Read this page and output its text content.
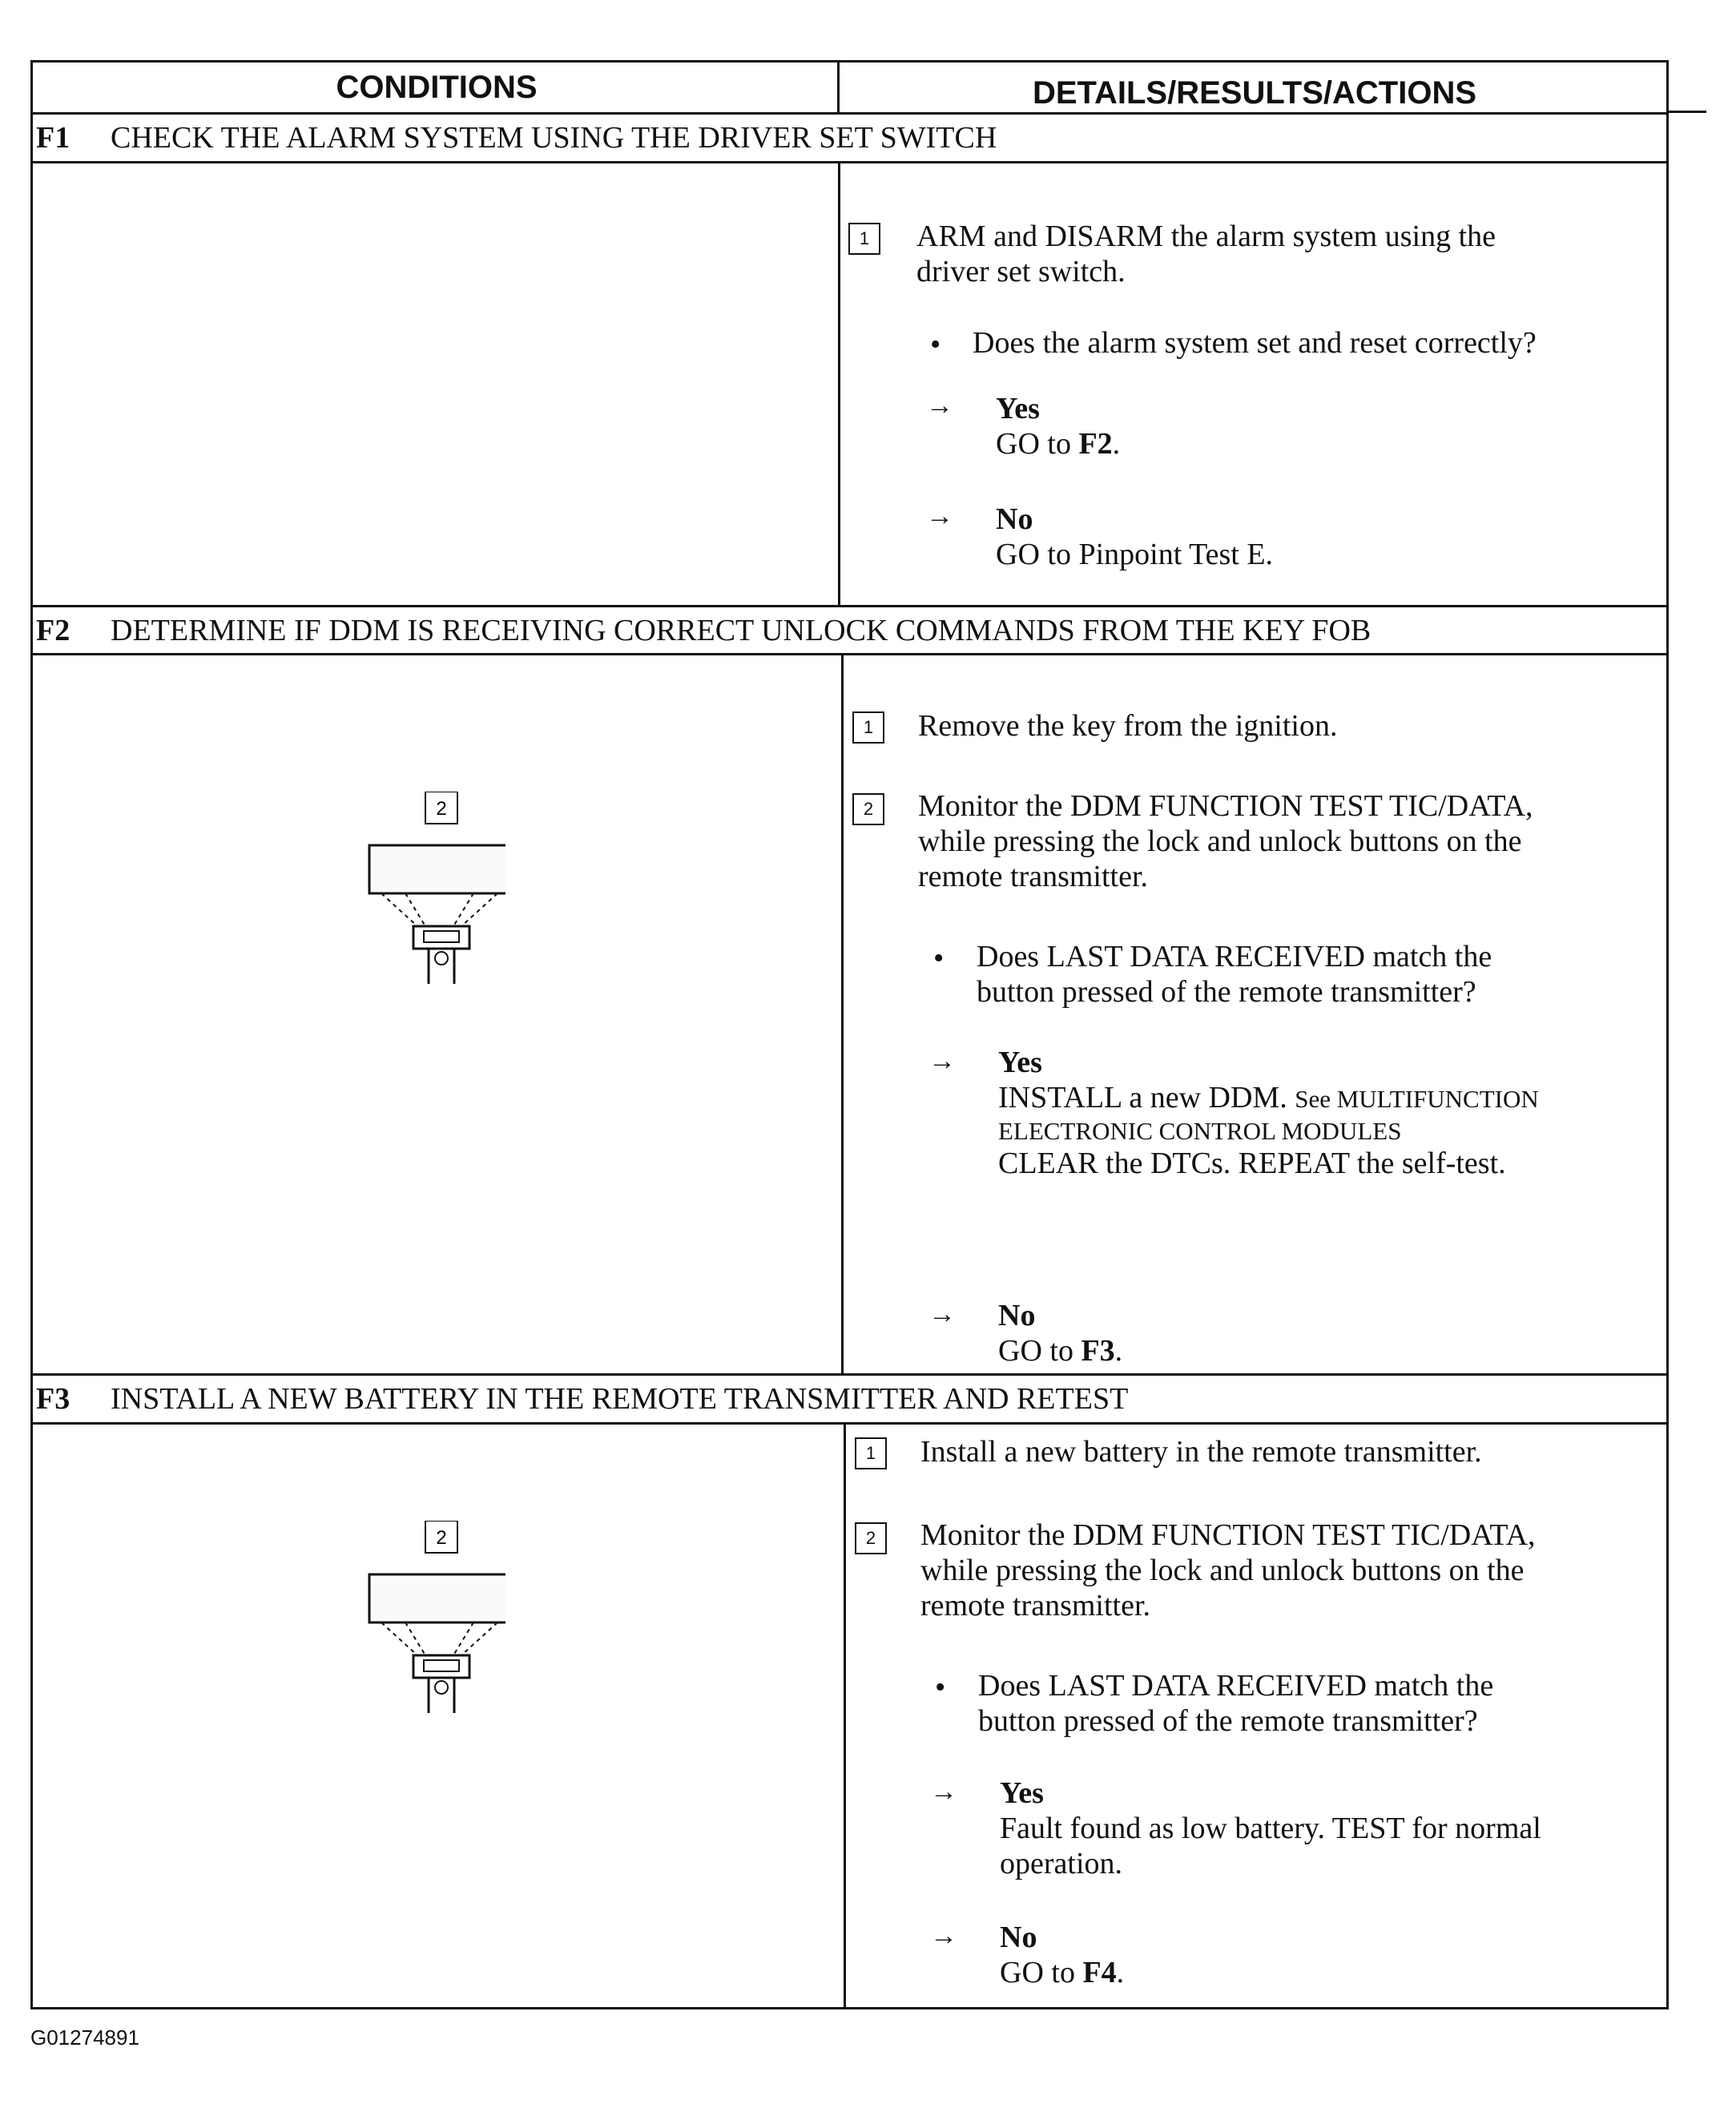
CONDITIONS	DETAILS/RESULTS/ACTIONS
F1	CHECK THE ALARM SYSTEM USING THE DRIVER SET SWITCH
1	ARM and DISARM the alarm system using the
driver set switch.
• Does the alarm system set and reset correctly?
→ Yes
GO to F2.
→ No
GO to Pinpoint Test E.
F2	DETERMINE IF DDM IS RECEIVING CORRECT UNLOCK COMMANDS FROM THE KEY FOB
2
1	Remove the key from the ignition.
2	Monitor the DDM FUNCTION TEST TIC/DATA,
while pressing the lock and unlock buttons on the
remote transmitter.
• Does LAST DATA RECEIVED match the
button pressed of the remote transmitter?
→ Yes
INSTALL a new DDM. See MULTIFUNCTION
ELECTRONIC CONTROL MODULES
CLEAR the DTCs. REPEAT the self-test.
→ No
GO to F3.
F3	INSTALL A NEW BATTERY IN THE REMOTE TRANSMITTER AND RETEST
2
1	Install a new battery in the remote transmitter.
2	Monitor the DDM FUNCTION TEST TIC/DATA,
while pressing the lock and unlock buttons on the
remote transmitter.
• Does LAST DATA RECEIVED match the
button pressed of the remote transmitter?
→ Yes
Fault found as low battery. TEST for normal
operation.
→ No
GO to F4.
G01274891
